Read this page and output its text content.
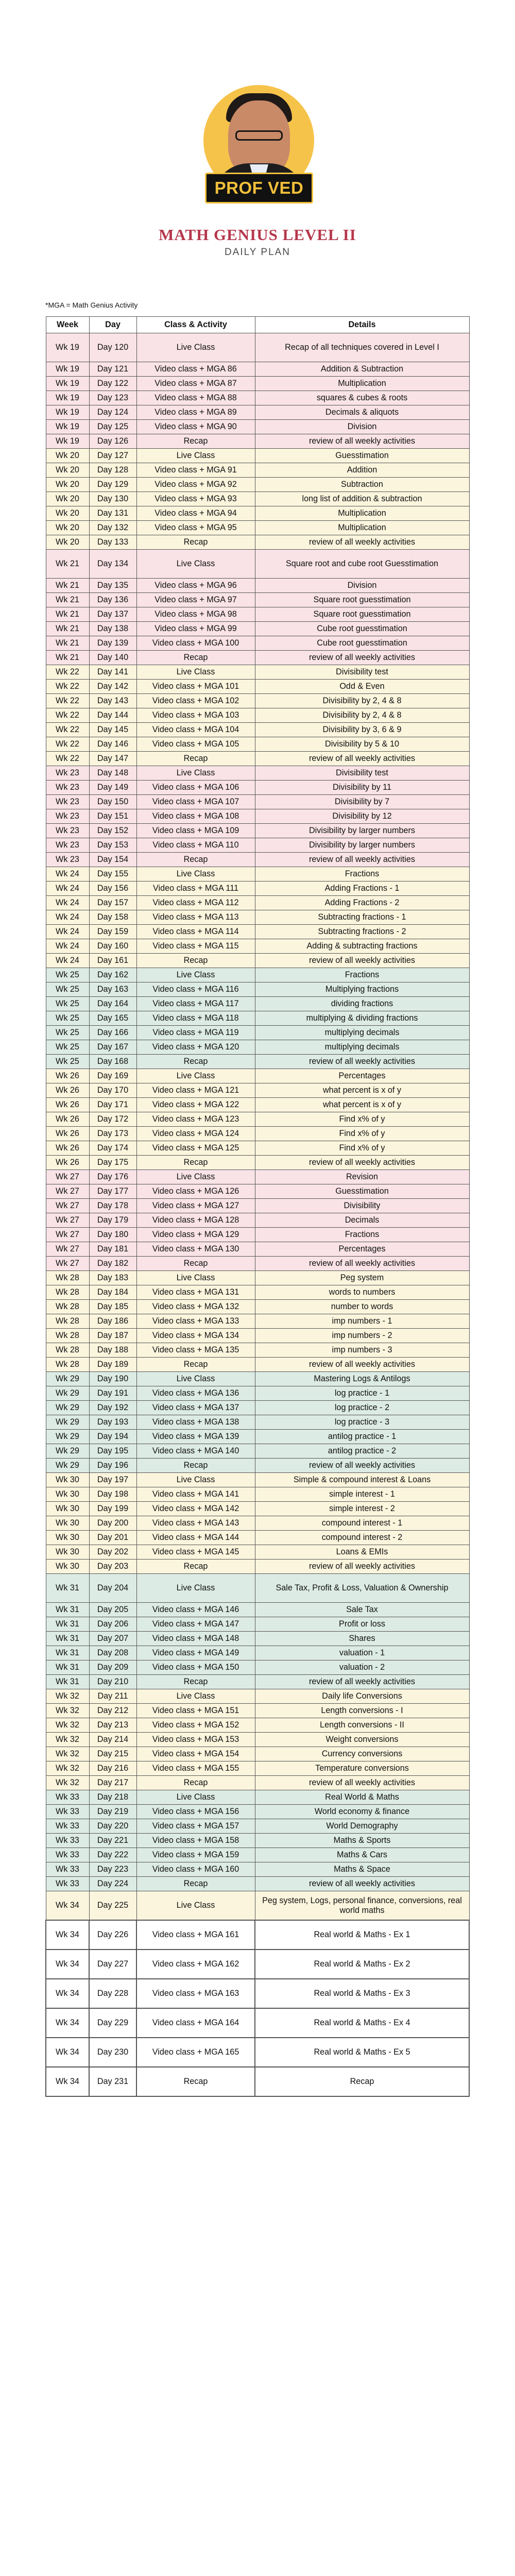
PROF VED
MATH GENIUS LEVEL II
DAILY PLAN
*MGA = Math Genius Activity
Week	Day	Class & Activity	Details
Wk 19	Day 120	Live Class	Recap of all techniques covered in Level I
Wk 19	Day 121	Video class + MGA 86	Addition & Subtraction
Wk 19	Day 122	Video class + MGA 87	Multiplication
Wk 19	Day 123	Video class + MGA 88	squares & cubes & roots
Wk 19	Day 124	Video class + MGA 89	Decimals & aliquots
Wk 19	Day 125	Video class + MGA 90	Division
Wk 19	Day 126	Recap	review of all weekly activities
Wk 20	Day 127	Live Class	Guesstimation
Wk 20	Day 128	Video class + MGA 91	Addition
Wk 20	Day 129	Video class + MGA 92	Subtraction
Wk 20	Day 130	Video class + MGA 93	long list of addition & subtraction
Wk 20	Day 131	Video class + MGA 94	Multiplication
Wk 20	Day 132	Video class + MGA 95	Multiplication
Wk 20	Day 133	Recap	review of all weekly activities
Wk 21	Day 134	Live Class	Square root and cube root Guesstimation
Wk 21	Day 135	Video class + MGA 96	Division
Wk 21	Day 136	Video class + MGA 97	Square root guesstimation
Wk 21	Day 137	Video class + MGA 98	Square root guesstimation
Wk 21	Day 138	Video class + MGA 99	Cube root guesstimation
Wk 21	Day 139	Video class + MGA 100	Cube root guesstimation
Wk 21	Day 140	Recap	review of all weekly activities
Wk 22	Day 141	Live Class	Divisibility test
Wk 22	Day 142	Video class + MGA 101	Odd & Even
Wk 22	Day 143	Video class + MGA 102	Divisibility by 2, 4 & 8
Wk 22	Day 144	Video class + MGA 103	Divisibility by 2, 4 & 8
Wk 22	Day 145	Video class + MGA 104	Divisibility by 3, 6 & 9
Wk 22	Day 146	Video class + MGA 105	Divisibility by 5 & 10
Wk 22	Day 147	Recap	review of all weekly activities
Wk 23	Day 148	Live Class	Divisibility test
Wk 23	Day 149	Video class + MGA 106	Divisibility by 11
Wk 23	Day 150	Video class + MGA 107	Divisibility by 7
Wk 23	Day 151	Video class + MGA 108	Divisibility by 12
Wk 23	Day 152	Video class + MGA 109	Divisibility by larger numbers
Wk 23	Day 153	Video class + MGA 110	Divisibility by larger numbers
Wk 23	Day 154	Recap	review of all weekly activities
Wk 24	Day 155	Live Class	Fractions
Wk 24	Day 156	Video class + MGA 111	Adding Fractions - 1
Wk 24	Day 157	Video class + MGA 112	Adding Fractions - 2
Wk 24	Day 158	Video class + MGA 113	Subtracting fractions - 1
Wk 24	Day 159	Video class + MGA 114	Subtracting fractions - 2
Wk 24	Day 160	Video class + MGA 115	Adding & subtracting fractions
Wk 24	Day 161	Recap	review of all weekly activities
Wk 25	Day 162	Live Class	Fractions
Wk 25	Day 163	Video class + MGA 116	Multiplying fractions
Wk 25	Day 164	Video class + MGA 117	dividing fractions
Wk 25	Day 165	Video class + MGA 118	multiplying & dividing fractions
Wk 25	Day 166	Video class + MGA 119	multiplying decimals
Wk 25	Day 167	Video class + MGA 120	multiplying decimals
Wk 25	Day 168	Recap	review of all weekly activities
Wk 26	Day 169	Live Class	Percentages
Wk 26	Day 170	Video class + MGA 121	what percent is x of y
Wk 26	Day 171	Video class + MGA 122	what percent is x of y
Wk 26	Day 172	Video class + MGA 123	Find x% of y
Wk 26	Day 173	Video class + MGA 124	Find x% of y
Wk 26	Day 174	Video class + MGA 125	Find x% of y
Wk 26	Day 175	Recap	review of all weekly activities
Wk 27	Day 176	Live Class	Revision
Wk 27	Day 177	Video class + MGA 126	Guesstimation
Wk 27	Day 178	Video class + MGA 127	Divisibility
Wk 27	Day 179	Video class + MGA 128	Decimals
Wk 27	Day 180	Video class + MGA 129	Fractions
Wk 27	Day 181	Video class + MGA 130	Percentages
Wk 27	Day 182	Recap	review of all weekly activities
Wk 28	Day 183	Live Class	Peg system
Wk 28	Day 184	Video class + MGA 131	words to numbers
Wk 28	Day 185	Video class + MGA 132	number to words
Wk 28	Day 186	Video class + MGA 133	imp numbers - 1
Wk 28	Day 187	Video class + MGA 134	imp numbers - 2
Wk 28	Day 188	Video class + MGA 135	imp numbers - 3
Wk 28	Day 189	Recap	review of all weekly activities
Wk 29	Day 190	Live Class	Mastering Logs & Antilogs
Wk 29	Day 191	Video class + MGA 136	log practice - 1
Wk 29	Day 192	Video class + MGA 137	log practice - 2
Wk 29	Day 193	Video class + MGA 138	log practice - 3
Wk 29	Day 194	Video class + MGA 139	antilog practice - 1
Wk 29	Day 195	Video class + MGA 140	antilog practice - 2
Wk 29	Day 196	Recap	review of all weekly activities
Wk 30	Day 197	Live Class	Simple & compound interest & Loans
Wk 30	Day 198	Video class + MGA 141	simple interest - 1
Wk 30	Day 199	Video class + MGA 142	simple interest - 2
Wk 30	Day 200	Video class + MGA 143	compound interest - 1
Wk 30	Day 201	Video class + MGA 144	compound interest - 2
Wk 30	Day 202	Video class + MGA 145	Loans & EMIs
Wk 30	Day 203	Recap	review of all weekly activities
Wk 31	Day 204	Live Class	Sale Tax, Profit & Loss, Valuation & Ownership
Wk 31	Day 205	Video class + MGA 146	Sale Tax
Wk 31	Day 206	Video class + MGA 147	Profit or loss
Wk 31	Day 207	Video class + MGA 148	Shares
Wk 31	Day 208	Video class + MGA 149	valuation - 1
Wk 31	Day 209	Video class + MGA 150	valuation - 2
Wk 31	Day 210	Recap	review of all weekly activities
Wk 32	Day 211	Live Class	Daily life Conversions
Wk 32	Day 212	Video class + MGA 151	Length conversions - I
Wk 32	Day 213	Video class + MGA 152	Length conversions - II
Wk 32	Day 214	Video class + MGA 153	Weight conversions
Wk 32	Day 215	Video class + MGA 154	Currency conversions
Wk 32	Day 216	Video class + MGA 155	Temperature conversions
Wk 32	Day 217	Recap	review of all weekly activities
Wk 33	Day 218	Live Class	Real World & Maths
Wk 33	Day 219	Video class + MGA 156	World economy & finance
Wk 33	Day 220	Video class + MGA 157	World Demography
Wk 33	Day 221	Video class + MGA 158	Maths & Sports
Wk 33	Day 222	Video class + MGA 159	Maths & Cars
Wk 33	Day 223	Video class + MGA 160	Maths & Space
Wk 33	Day 224	Recap	review of all weekly activities
Wk 34	Day 225	Live Class	Peg system, Logs, personal finance, conversions, real world maths
Wk 34	Day 226	Video class + MGA 161	Real world & Maths - Ex 1
Wk 34	Day 227	Video class + MGA 162	Real world & Maths - Ex 2
Wk 34	Day 228	Video class + MGA 163	Real world & Maths - Ex 3
Wk 34	Day 229	Video class + MGA 164	Real world & Maths - Ex 4
Wk 34	Day 230	Video class + MGA 165	Real world & Maths - Ex 5
Wk 34	Day 231	Recap	Recap
